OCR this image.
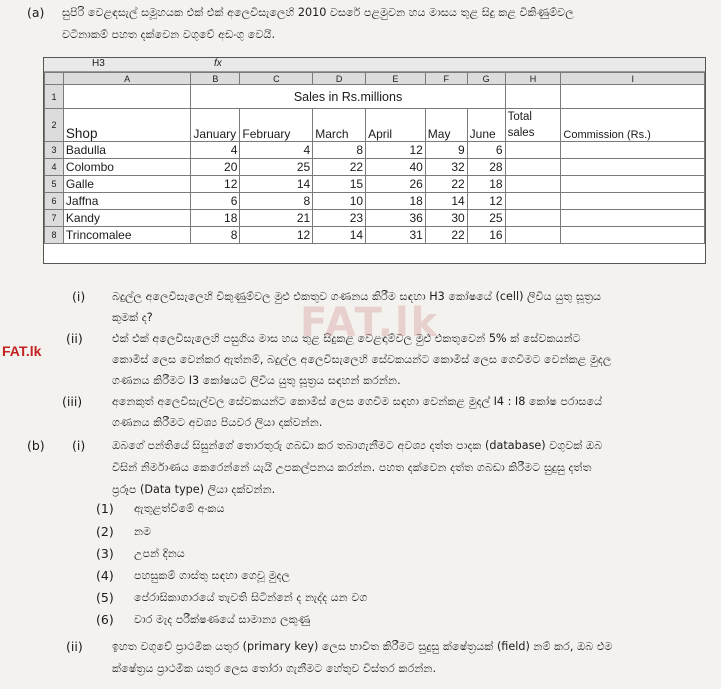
FAT.lk
FAT.lk
(a) සුපිරි වෙළඳසැල් සමූහයක එක් එක් අලෙවිසැලෙහි 2010 වසරේ පළමුවන හය මාසය තුළ සිදු කළ විකිණුම්වල
වටිනාකම් පහත දක්වෙන වගුවේ අඩංගු වෙයි.
H3	fx
	A	B	C	D	E	F	G	H	I
1		Sales in Rs.millions							
2	Shop	January	February	March	April	May	June	Total sales	Commission (Rs.)
3	Badulla	4	4	8	12	9	6		
4	Colombo	20	25	22	40	32	28		
5	Galle	12	14	15	26	22	18		
6	Jaffna	6	8	10	18	14	12		
7	Kandy	18	21	23	36	30	25		
8	Trincomalee	8	12	14	31	22	16		
(i) බදුල්ල අලෙවිසැලෙහි විකුණුම්වල මුළු එකතුව ගණනය කිරීම සඳහා H3 කෝෂයේ (cell) ලිවිය යුතු සූත්‍රය
කුමක් ද?
(ii)	එක් එක් අලෙවිසැලෙහි පසුගිය මාස හය තුළ සිදුකළ වෙළඳාම්වල මුළු එකතුවෙන් 5% ක් සේවකයන්ට
කොමිස් ලෙස වෙන්කර ඇත්නම්, බදුල්ල අලෙවිසැලෙහි සේවකයන්ට කොමිස් ලෙස ගෙවීමට වෙන්කළ මුදල
ගණනය කිරීමට I3 කෝෂයට ලිවිය යුතු සූත්‍රය සඳහන් කරන්න.
(iii)	අනෙකුත් අලෙවිසැල්වල සේවකයන්ට කොමිස් ලෙස ගෙවීම සඳහා වෙන්කළ මුදල් I4 : I8 කෝෂ පරාසයේ
ගණනය කිරීමට අවශ්‍ය පියවර ලියා දක්වන්න.
(b) (i) ඔබගේ පන්තියේ සිසුන්ගේ තොරතුරු ගබඩා කර තබාගැනීමට අවශ්‍ය දත්ත පාදක (database) වගුවක් ඔබ
විසින් නිර්මාණය කෙරෙන්නේ යැයි උපකල්පනය කරන්න. පහත දක්වෙන දත්ත ගබඩා කිරීමට සුදුසු දත්ත
ප්‍රරූප (Data type) ලියා දක්වන්න.
(1) ඇතුළත්වීමේ අංකය
(2) නම
(3) උපන් දිනය
(4) පහසුකම් ගාස්තු සඳහා ගෙවූ මුදල
(5) පේරාසිකාගාරයේ තැවති සිටින්නේ ද නැද්ද යන වග
(6) වාර මැද පරීක්ෂණයේ සාමාන්‍ය ලකුණු
(ii)	ඉහත වගුවේ ප්‍රාථමික යතුර (primary key) ලෙස භාවිත කිරීමට සුදුසු ක්ෂේත්‍රයක් (field) නම් කර, ඔබ එම
ක්ෂේත්‍රය ප්‍රාථමික යතුර ලෙස තෝරා ගැනීමට හේතුව විස්තර කරන්න.
